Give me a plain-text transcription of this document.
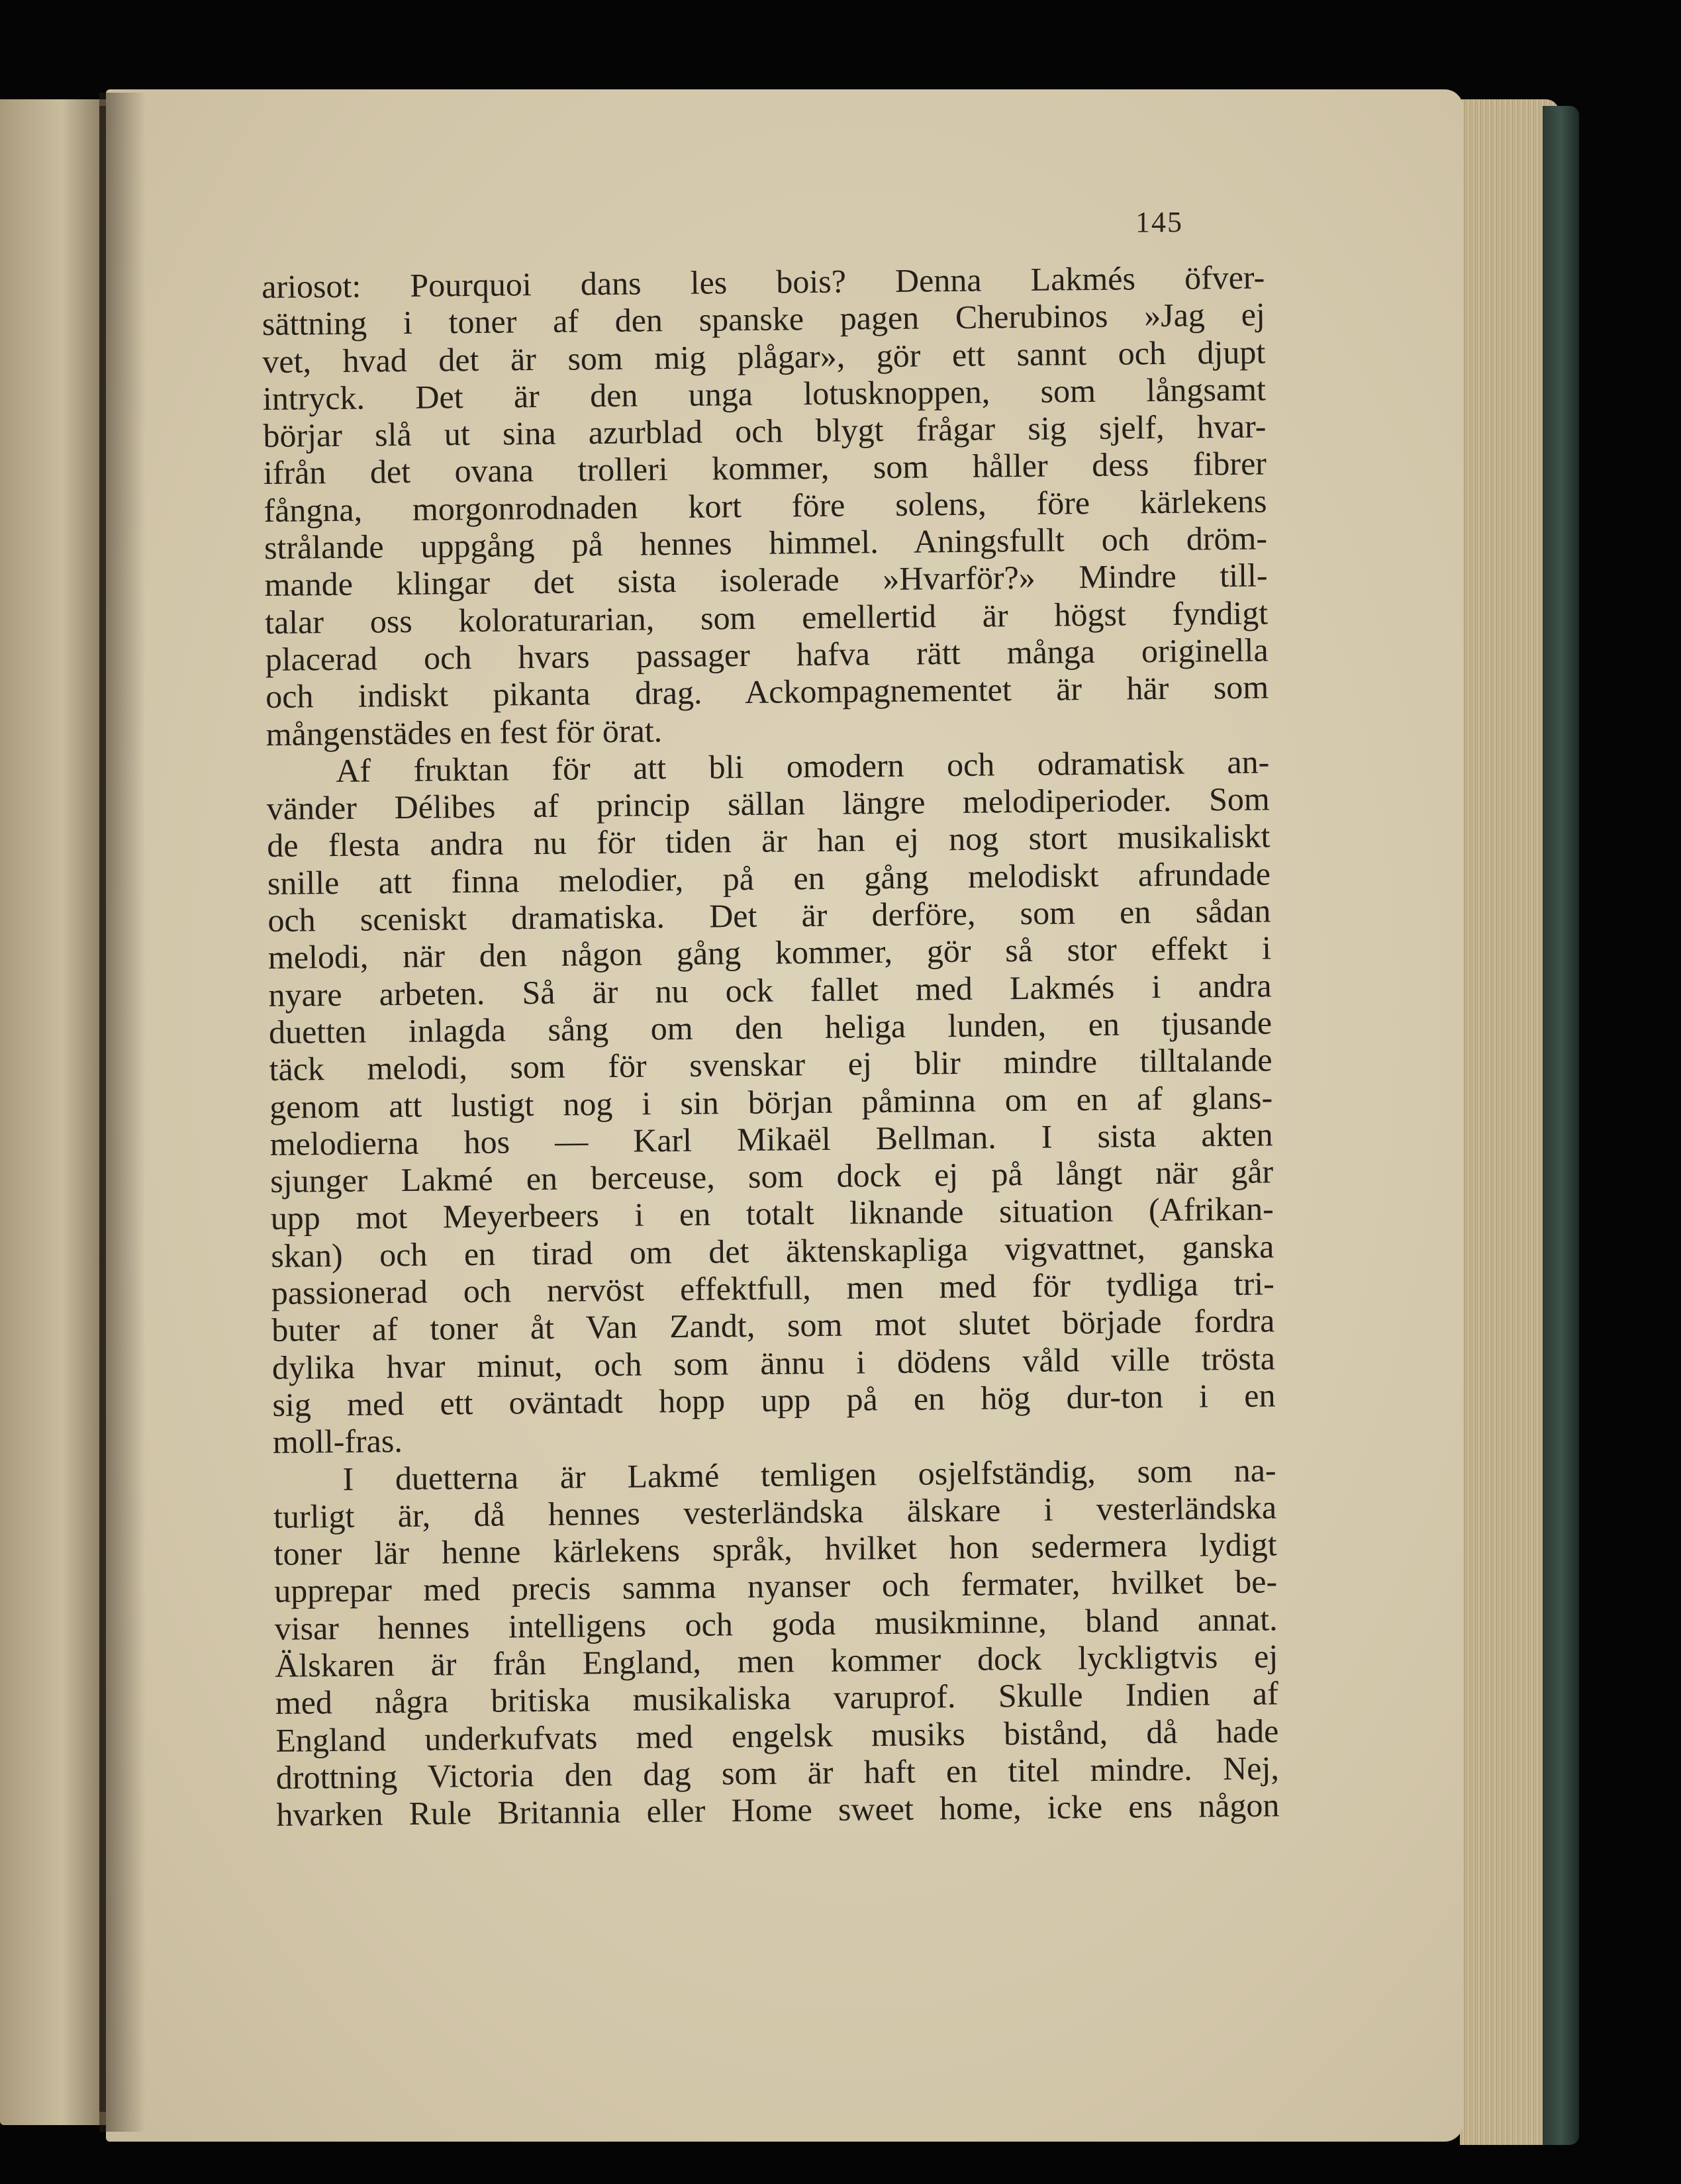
145
ariosot: Pourquoi dans les bois? Denna Lakmés öfver-
sättning i toner af den spanske pagen Cherubinos »Jag ej
vet, hvad det är som mig plågar», gör ett sannt och djupt
intryck. Det är den unga lotusknoppen, som långsamt
börjar slå ut sina azurblad och blygt frågar sig sjelf, hvar-
ifrån det ovana trolleri kommer, som håller dess fibrer
fångna, morgonrodnaden kort före solens, före kärlekens
strålande uppgång på hennes himmel. Aningsfullt och dröm-
mande klingar det sista isolerade »Hvarför?» Mindre till-
talar oss koloraturarian, som emellertid är högst fyndigt
placerad och hvars passager hafva rätt många originella
och indiskt pikanta drag. Ackompagnementet är här som
mångenstädes en fest för örat.
Af fruktan för att bli omodern och odramatisk an-
vänder Délibes af princip sällan längre melodiperioder. Som
de flesta andra nu för tiden är han ej nog stort musikaliskt
snille att finna melodier, på en gång melodiskt afrundade
och sceniskt dramatiska. Det är derföre, som en sådan
melodi, när den någon gång kommer, gör så stor effekt i
nyare arbeten. Så är nu ock fallet med Lakmés i andra
duetten inlagda sång om den heliga lunden, en tjusande
täck melodi, som för svenskar ej blir mindre tilltalande
genom att lustigt nog i sin början påminna om en af glans-
melodierna hos — Karl Mikaël Bellman. I sista akten
sjunger Lakmé en berceuse, som dock ej på långt när går
upp mot Meyerbeers i en totalt liknande situation (Afrikan-
skan) och en tirad om det äktenskapliga vigvattnet, ganska
passionerad och nervöst effektfull, men med för tydliga tri-
buter af toner åt Van Zandt, som mot slutet började fordra
dylika hvar minut, och som ännu i dödens våld ville trösta
sig med ett oväntadt hopp upp på en hög dur-ton i en
moll-fras.
I duetterna är Lakmé temligen osjelfständig, som na-
turligt är, då hennes vesterländska älskare i vesterländska
toner lär henne kärlekens språk, hvilket hon sedermera lydigt
upprepar med precis samma nyanser och fermater, hvilket be-
visar hennes intelligens och goda musikminne, bland annat.
Älskaren är från England, men kommer dock lyckligtvis ej
med några britiska musikaliska varuprof. Skulle Indien af
England underkufvats med engelsk musiks bistånd, då hade
drottning Victoria den dag som är haft en titel mindre. Nej,
hvarken Rule Britannia eller Home sweet home, icke ens någon
